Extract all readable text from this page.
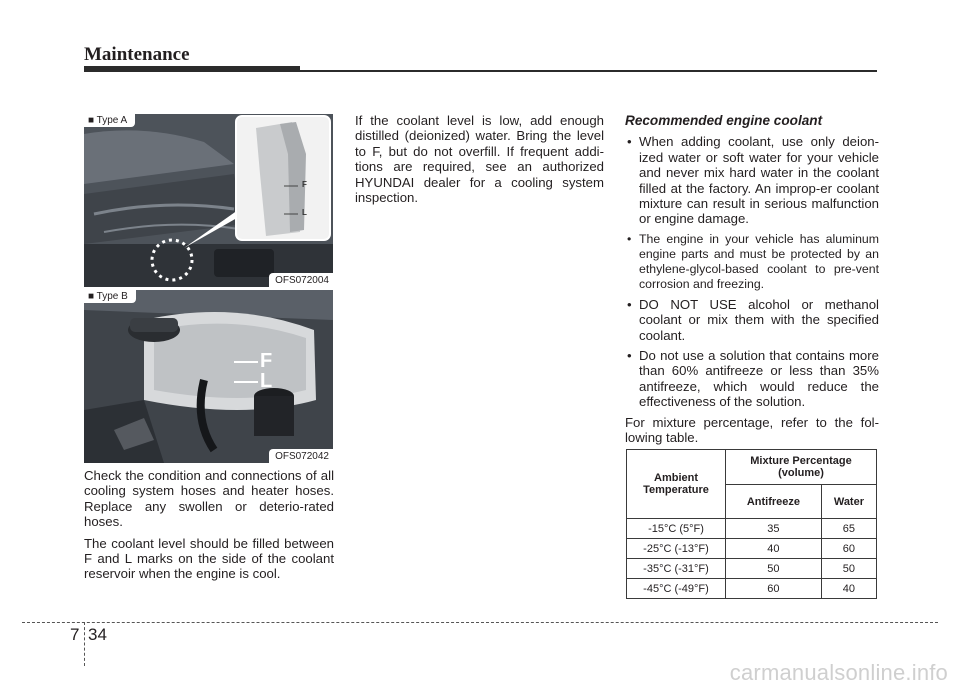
Maintenance
F
L
■ Type A
OFS072004
F
L
■ Type B
OFS072042

Check the condition and connections of all cooling system hoses and heater hoses. Replace any swollen or deterio-rated hoses.

The coolant level should be filled between F and L marks on the side of the coolant reservoir when the engine is cool.

If the coolant level is low, add enough distilled (deionized) water. Bring the level to F, but do not overfill. If frequent addi-tions are required, see an authorized HYUNDAI dealer for a cooling system inspection.

Recommended engine coolant

• When adding coolant, use only deion-ized water or soft water for your vehicle and never mix hard water in the coolant filled at the factory. An improp-er coolant mixture can result in serious malfunction or engine damage.
• The engine in your vehicle has aluminum engine parts and must be protected by an ethylene-glycol-based coolant to pre-vent corrosion and freezing.
• DO NOT USE alcohol or methanol coolant or mix them with the specified coolant.
• Do not use a solution that contains more than 60% antifreeze or less than 35% antifreeze, which would reduce the effectiveness of the solution.

For mixture percentage, refer to the fol-lowing table.

Ambient Temperature	Mixture Percentage (volume)	
	Antifreeze	Water
-15°C (5°F)	35	65
-25°C (-13°F)	40	60
-35°C (-31°F)	50	50
-45°C (-49°F)	60	40
7 34
carmanualsonline.info
